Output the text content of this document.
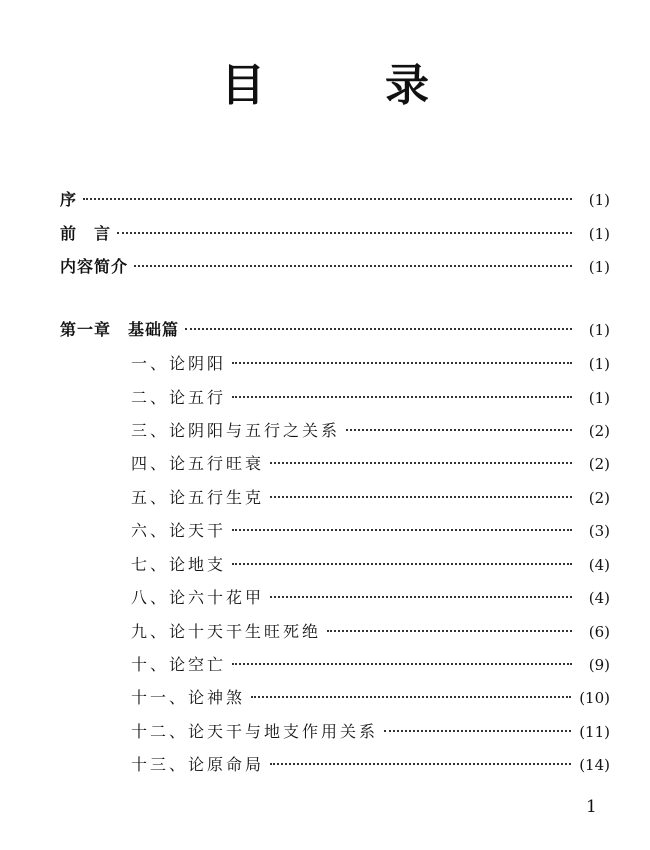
目　录
序	(1)
前　言	(1)
内容简介	(1)
第一章　基础篇	(1)
一、论阴阳	(1)
二、论五行	(1)
三、论阴阳与五行之关系	(2)
四、论五行旺衰	(2)
五、论五行生克	(2)
六、论天干	(3)
七、论地支	(4)
八、论六十花甲	(4)
九、论十天干生旺死绝	(6)
十、论空亡	(9)
十一、论神煞	(10)
十二、论天干与地支作用关系	(11)
十三、论原命局	(14)
1
